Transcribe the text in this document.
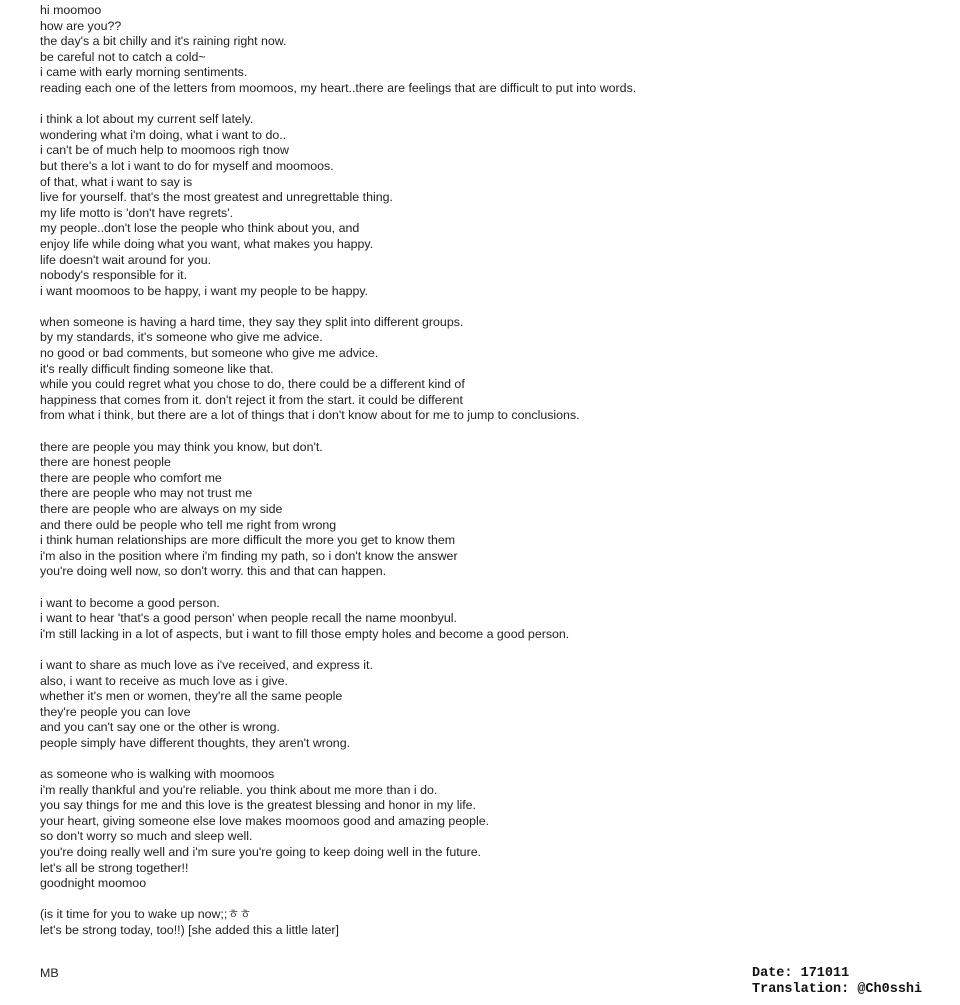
hi moomoo
how are you??
the day's a bit chilly and it's raining right now.
be careful not to catch a cold~
i came with early morning sentiments.
reading each one of the letters from moomoos, my heart..there are feelings that are difficult to put into words.
i think a lot about my current self lately.
wondering what i'm doing, what i want to do..
i can't be of much help to moomoos righ tnow
but there's a lot i want to do for myself and moomoos.
of that, what i want to say is
live for yourself. that's the most greatest and unregrettable thing.
my life motto is 'don't have regrets'.
my people..don't lose the people who think about you, and
enjoy life while doing what you want, what makes you happy.
life doesn't wait around for you.
nobody's responsible for it.
i want moomoos to be happy, i want my people to be happy.
when someone is having a hard time, they say they split into different groups.
by my standards, it's someone who give me advice.
no good or bad comments, but someone who give me advice.
it's really difficult finding someone like that.
while you could regret what you chose to do, there could be a different kind of
happiness that comes from it. don't reject it from the start. it could be different
from what i think, but there are a lot of things that i don't know about for me to jump to conclusions.
there are people you may think you know, but don't.
there are honest people
there are people who comfort me
there are people who may not trust me
there are people who are always on my side
and there ould be people who tell me right from wrong
i think human relationships are more difficult the more you get to know them
i'm also in the position where i'm finding my path, so i don't know the answer
you're doing well now, so don't worry. this and that can happen.
i want to become a good person.
i want to hear 'that's a good person' when people recall the name moonbyul.
i'm still lacking in a lot of aspects, but i want to fill those empty holes and become a good person.
i want to share as much love as i've received, and express it.
also, i want to receive as much love as i give.
whether it's men or women, they're all the same people
they're people you can love
and you can't say one or the other is wrong.
people simply have different thoughts, they aren't wrong.
as someone who is walking with moomoos
i'm really thankful and you're reliable. you think about me more than i do.
you say things for me and this love is the greatest blessing and honor in my life.
your heart, giving someone else love makes moomoos good and amazing people.
so don't worry so much and sleep well.
you're doing really well and i'm sure you're going to keep doing well in the future.
let's all be strong together!!
goodnight moomoo
(is it time for you to wake up now;;ㅎㅎ
let's be strong today, too!!) [she added this a little later]
MB	Date: 171011
Translation: @Ch0sshi
